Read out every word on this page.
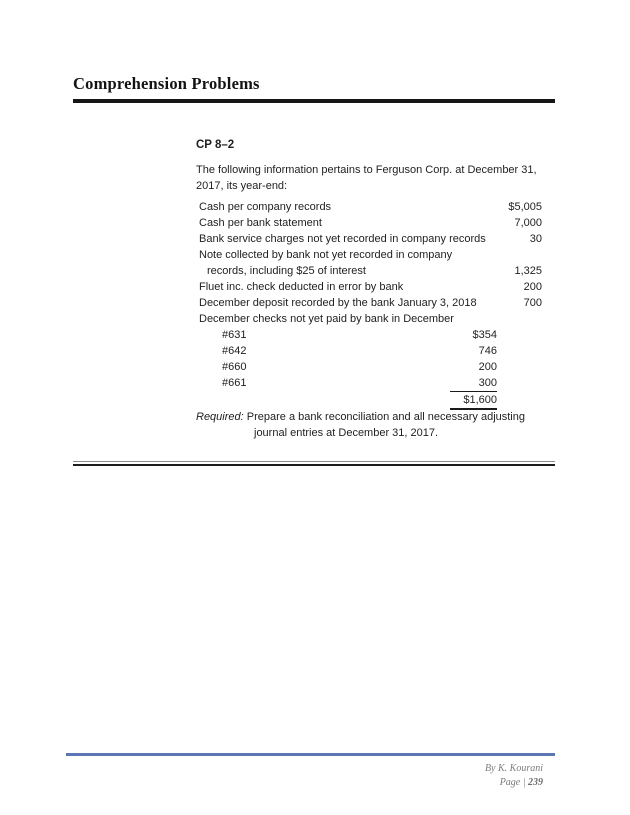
Comprehension Problems
CP 8–2
The following information pertains to Ferguson Corp. at December 31,
2017, its year-end:
Cash per company records	$5,005
Cash per bank statement	7,000
Bank service charges not yet recorded in company records	30
Note collected by bank not yet recorded in company
records, including $25 of interest	1,325
Fluet inc. check deducted in error by bank	200
December deposit recorded by the bank January 3, 2018	700
December checks not yet paid by bank in December
#631	$354
#642	746
#660	200
#661	300
$1,600
Required: Prepare a bank reconciliation and all necessary adjusting
journal entries at December 31, 2017.
By K. Kourani
Page | 239
